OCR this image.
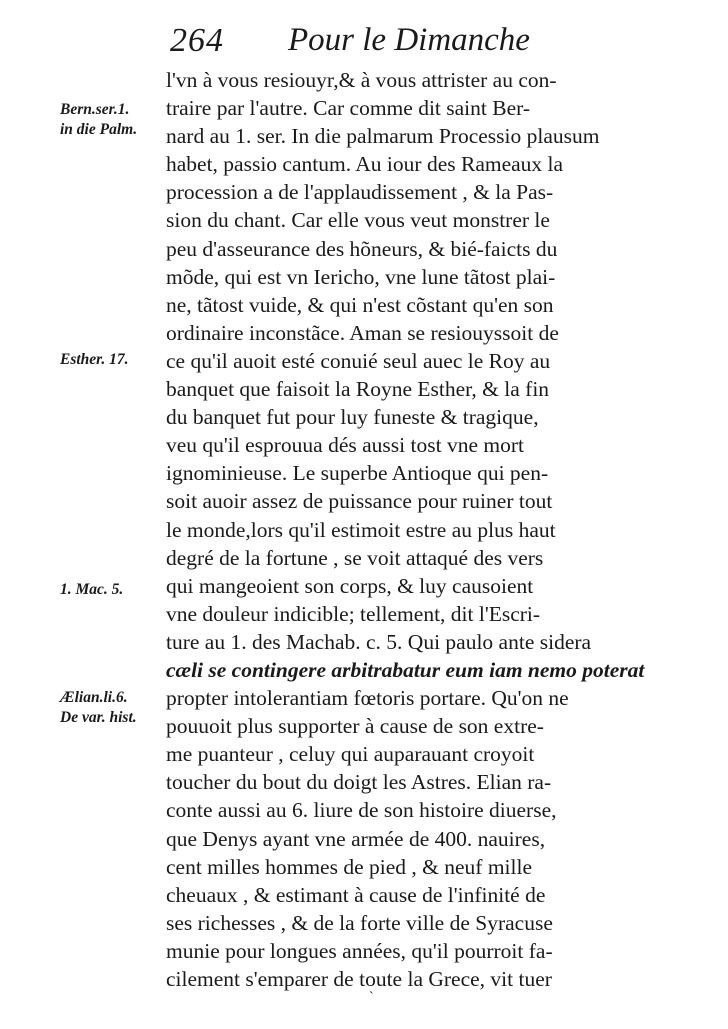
264 Pour le Dimanche
Bern.ser.1.
in die Palm.
Esther. 17.
1. Mac. 5.
Ælian.li.6.
De var. hist.
l'vn à vous resiouyr,& à vous attrister au con-
traire par l'autre. Car comme dit saint Ber-
nard au 1. ser. In die palmarum Processio plausum
habet, passio cantum. Au iour des Rameaux la
procession a de l'applaudissement , & la Pas-
sion du chant. Car elle vous veut monstrer le
peu d'asseurance des hõneurs, & bié-faicts du
mõde, qui est vn Iericho, vne lune tãtost plai-
ne, tãtost vuide, & qui n'est cõstant qu'en son
ordinaire inconstãce. Aman se resiouyssoit de
ce qu'il auoit esté conuié seul auec le Roy au
banquet que faisoit la Royne Esther, & la fin
du banquet fut pour luy funeste & tragique,
veu qu'il esprouua dés aussi tost vne mort
ignominieuse. Le superbe Antioque qui pen-
soit auoir assez de puissance pour ruiner tout
le monde,lors qu'il estimoit estre au plus haut
degré de la fortune , se voit attaqué des vers
qui mangeoient son corps, & luy causoient
vne douleur indicible; tellement, dit l'Escri-
ture au 1. des Machab. c. 5. Qui paulo ante sidera
cæli se contingere arbitrabatur eum iam nemo poterat
propter intolerantiam fœtoris portare. Qu'on ne
pouuoit plus supporter à cause de son extre-
me puanteur , celuy qui auparauant croyoit
toucher du bout du doigt les Astres. Elian ra-
conte aussi au 6. liure de son histoire diuerse,
que Denys ayant vne armée de 400. nauires,
cent milles hommes de pied , & neuf mille
cheuaux , & estimant à cause de l'infinité de
ses richesses , & de la forte ville de Syracuse
munie pour longues années, qu'il pourroit fa-
cilement s'emparer de toute la Grece, vit tuer
`
